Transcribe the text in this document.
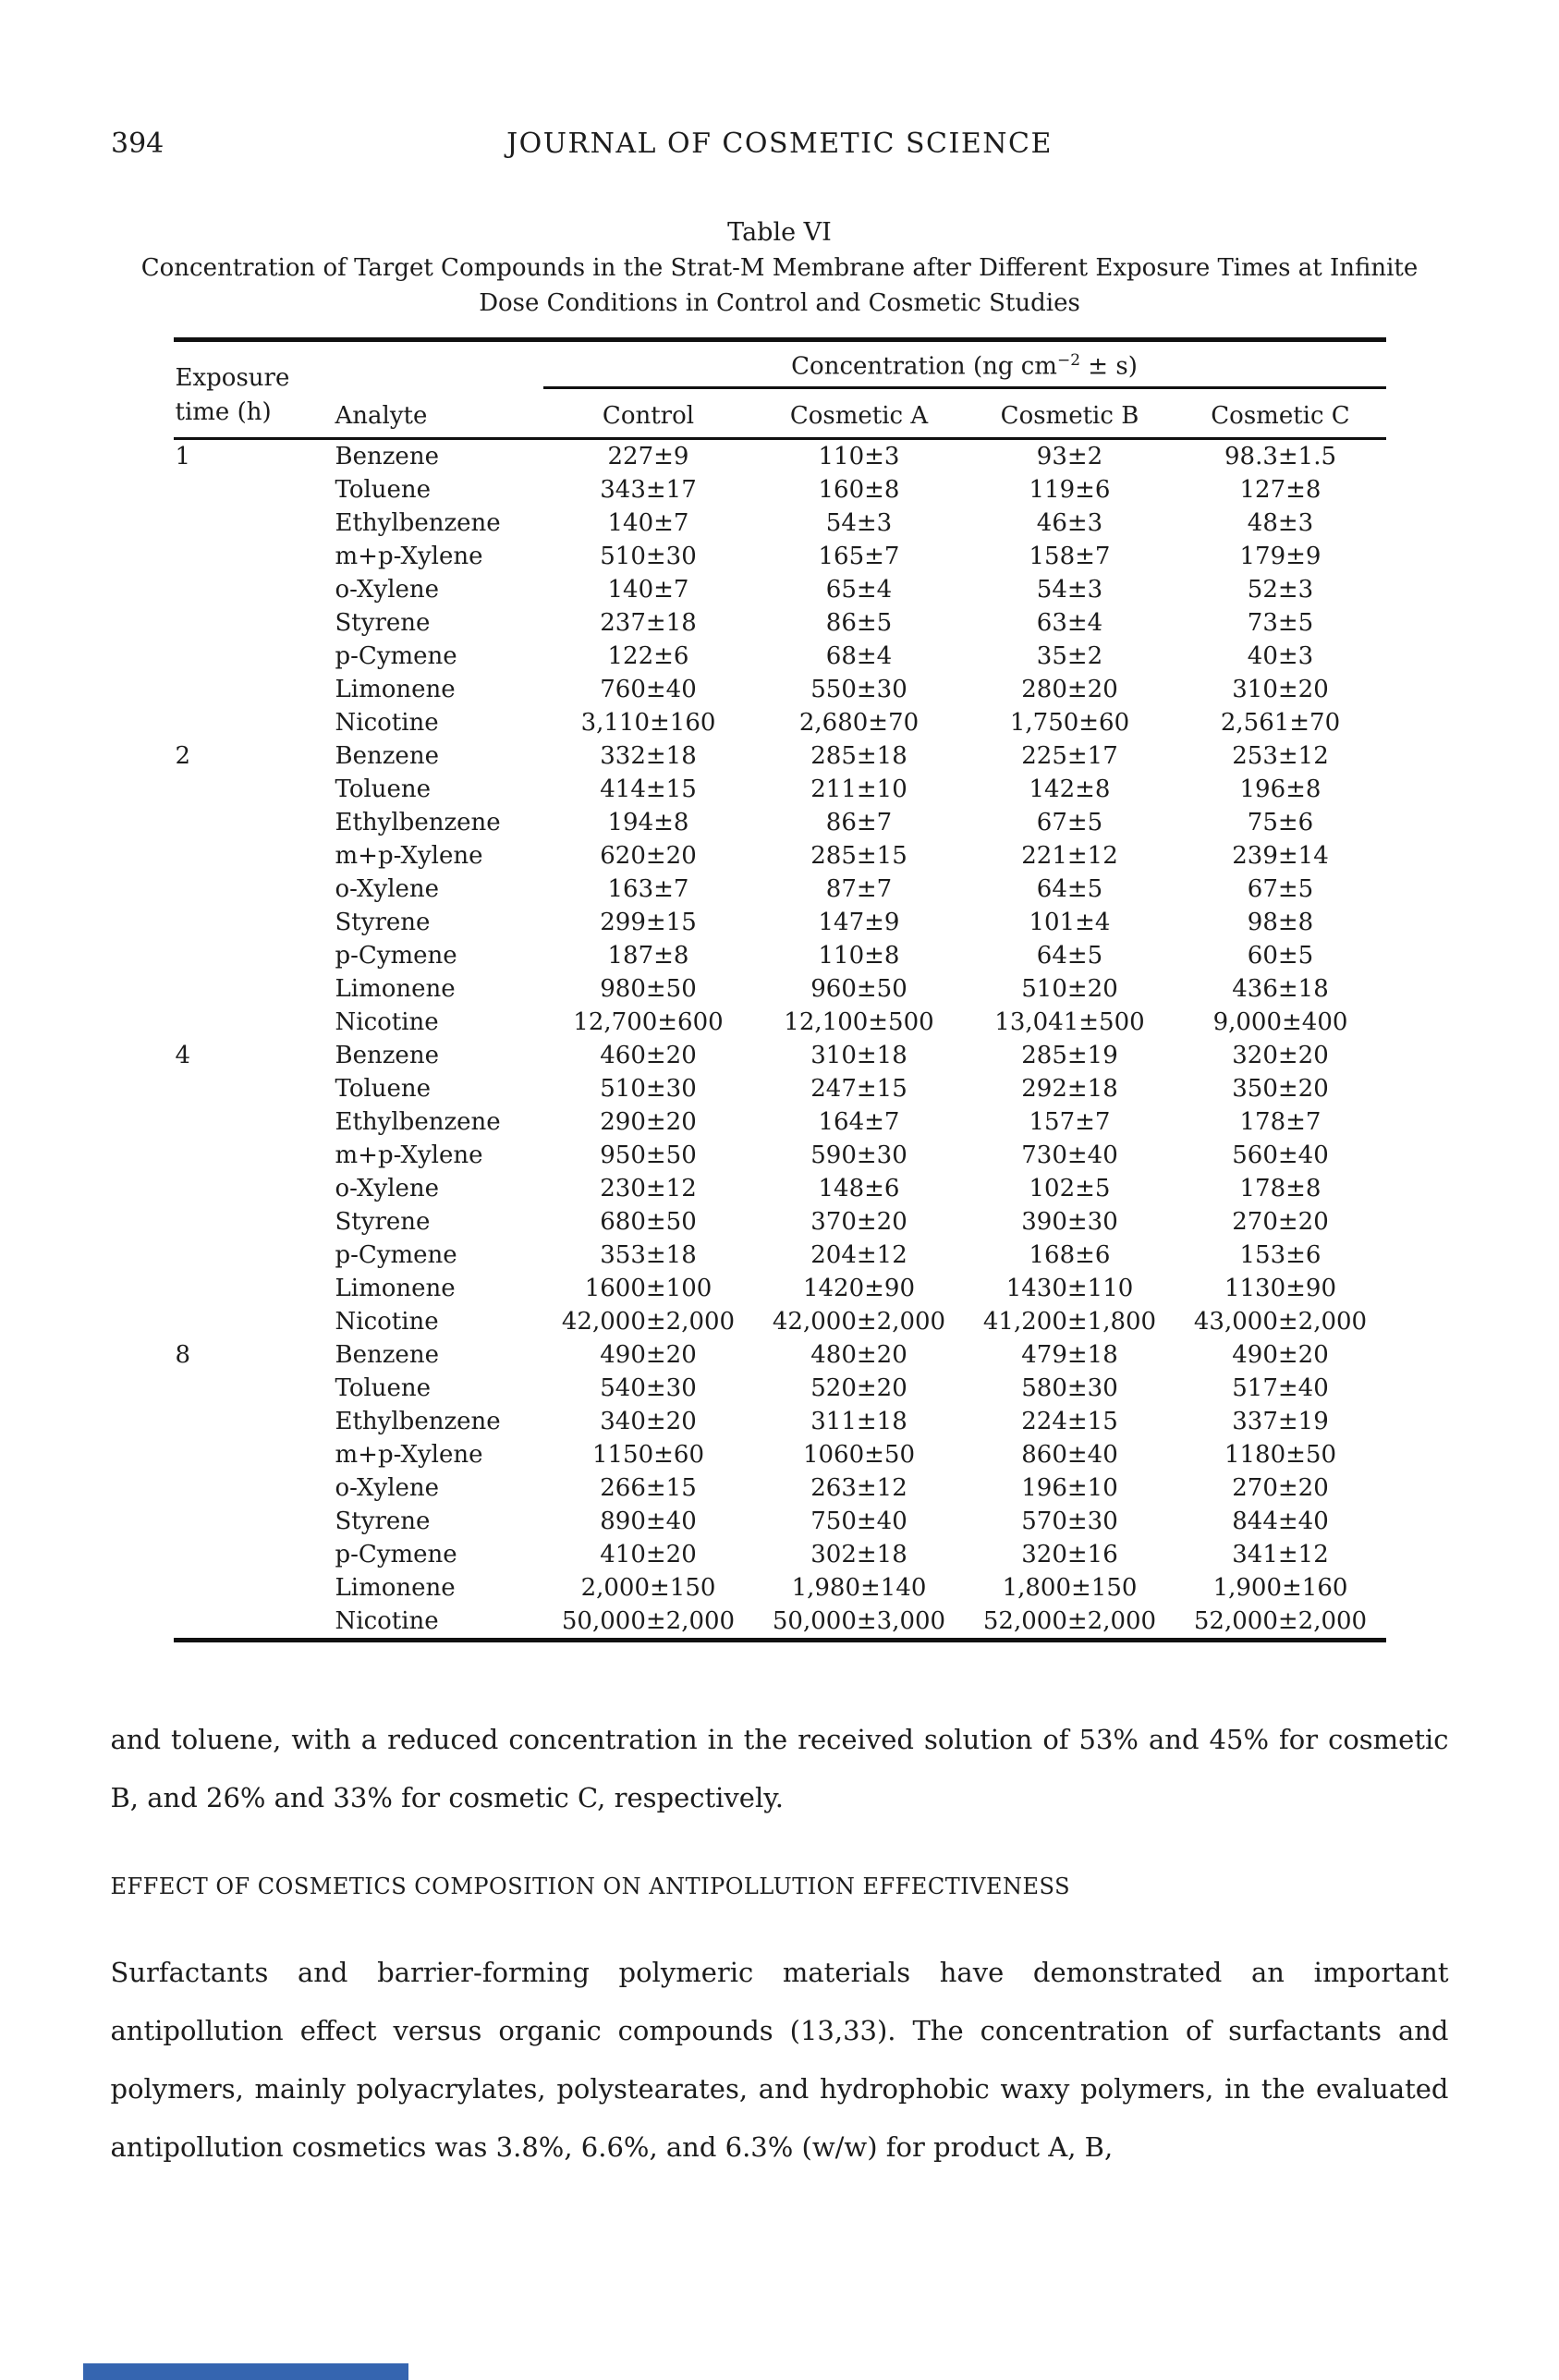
394	JOURNAL OF COSMETIC SCIENCE
Table VI
Concentration of Target Compounds in the Strat-M Membrane after Different Exposure Times at Infinite
Dose Conditions in Control and Cosmetic Studies
Exposure time (h)	Analyte	Concentration (ng $cm^{-2} \pm s$)			
		Control	Cosmetic A	Cosmetic B	Cosmetic C
1	Benzene	227±9	110±3	93±2	98.3±1.5
	Toluene	343±17	160±8	119±6	127±8
	Ethylbenzene	140±7	54±3	46±3	48±3
	m+p-Xylene	510±30	165±7	158±7	179±9
	o-Xylene	140±7	65±4	54±3	52±3
	Styrene	237±18	86±5	63±4	73±5
	p-Cymene	122±6	68±4	35±2	40±3
	Limonene	760±40	550±30	280±20	310±20
	Nicotine	3,110±160	2,680±70	1,750±60	2,561±70
2	Benzene	332±18	285±18	225±17	253±12
	Toluene	414±15	211±10	142±8	196±8
	Ethylbenzene	194±8	86±7	67±5	75±6
	m+p-Xylene	620±20	285±15	221±12	239±14
	o-Xylene	163±7	87±7	64±5	67±5
	Styrene	299±15	147±9	101±4	98±8
	p-Cymene	187±8	110±8	64±5	60±5
	Limonene	980±50	960±50	510±20	436±18
	Nicotine	12,700±600	12,100±500	13,041±500	9,000±400
4	Benzene	460±20	310±18	285±19	320±20
	Toluene	510±30	247±15	292±18	350±20
	Ethylbenzene	290±20	164±7	157±7	178±7
	m+p-Xylene	950±50	590±30	730±40	560±40
	o-Xylene	230±12	148±6	102±5	178±8
	Styrene	680±50	370±20	390±30	270±20
	p-Cymene	353±18	204±12	168±6	153±6
	Limonene	1600±100	1420±90	1430±110	1130±90
	Nicotine	42,000±2,000	42,000±2,000	41,200±1,800	43,000±2,000
8	Benzene	490±20	480±20	479±18	490±20
	Toluene	540±30	520±20	580±30	517±40
	Ethylbenzene	340±20	311±18	224±15	337±19
	m+p-Xylene	1150±60	1060±50	860±40	1180±50
	o-Xylene	266±15	263±12	196±10	270±20
	Styrene	890±40	750±40	570±30	844±40
	p-Cymene	410±20	302±18	320±16	341±12
	Limonene	2,000±150	1,980±140	1,800±150	1,900±160
	Nicotine	50,000±2,000	50,000±3,000	52,000±2,000	52,000±2,000

and toluene, with a reduced concentration in the received solution of 53% and 45% for cosmetic B, and 26% and 33% for cosmetic C, respectively.

EFFECT OF COSMETICS COMPOSITION ON ANTIPOLLUTION EFFECTIVENESS

Surfactants and barrier-forming polymeric materials have demonstrated an important antipollution effect versus organic compounds (13,33). The concentration of surfactants and polymers, mainly polyacrylates, polystearates, and hydrophobic waxy polymers, in the evaluated antipollution cosmetics was 3.8%, 6.6%, and 6.3% (w/w) for product A, B,
